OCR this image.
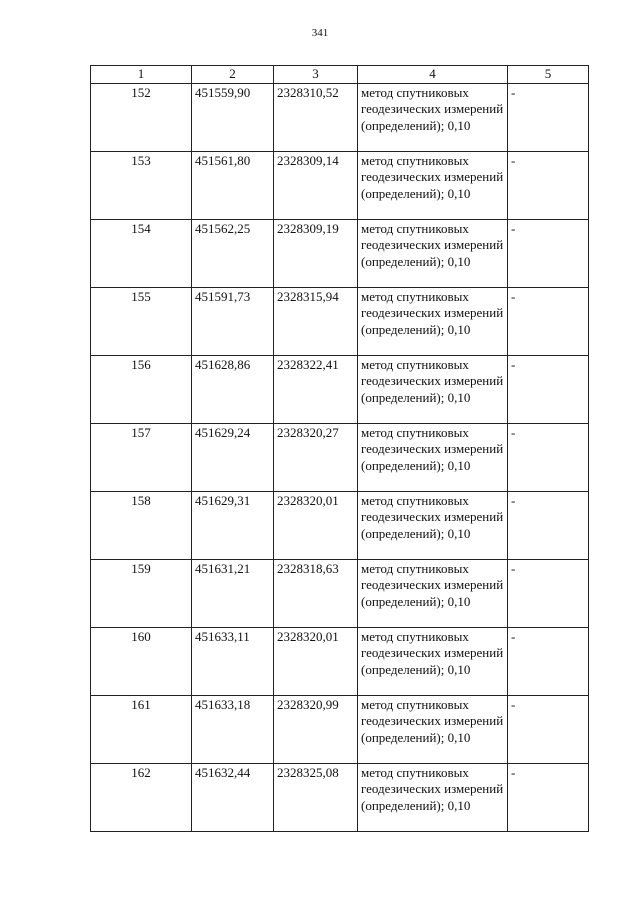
341
1	2	3	4	5
152	451559,90	2328310,52	метод спутниковых геодезических измерений (определений); 0,10	-
153	451561,80	2328309,14	метод спутниковых геодезических измерений (определений); 0,10	-
154	451562,25	2328309,19	метод спутниковых геодезических измерений (определений); 0,10	-
155	451591,73	2328315,94	метод спутниковых геодезических измерений (определений); 0,10	-
156	451628,86	2328322,41	метод спутниковых геодезических измерений (определений); 0,10	-
157	451629,24	2328320,27	метод спутниковых геодезических измерений (определений); 0,10	-
158	451629,31	2328320,01	метод спутниковых геодезических измерений (определений); 0,10	-
159	451631,21	2328318,63	метод спутниковых геодезических измерений (определений); 0,10	-
160	451633,11	2328320,01	метод спутниковых геодезических измерений (определений); 0,10	-
161	451633,18	2328320,99	метод спутниковых геодезических измерений (определений); 0,10	-
162	451632,44	2328325,08	метод спутниковых геодезических измерений (определений); 0,10	-
